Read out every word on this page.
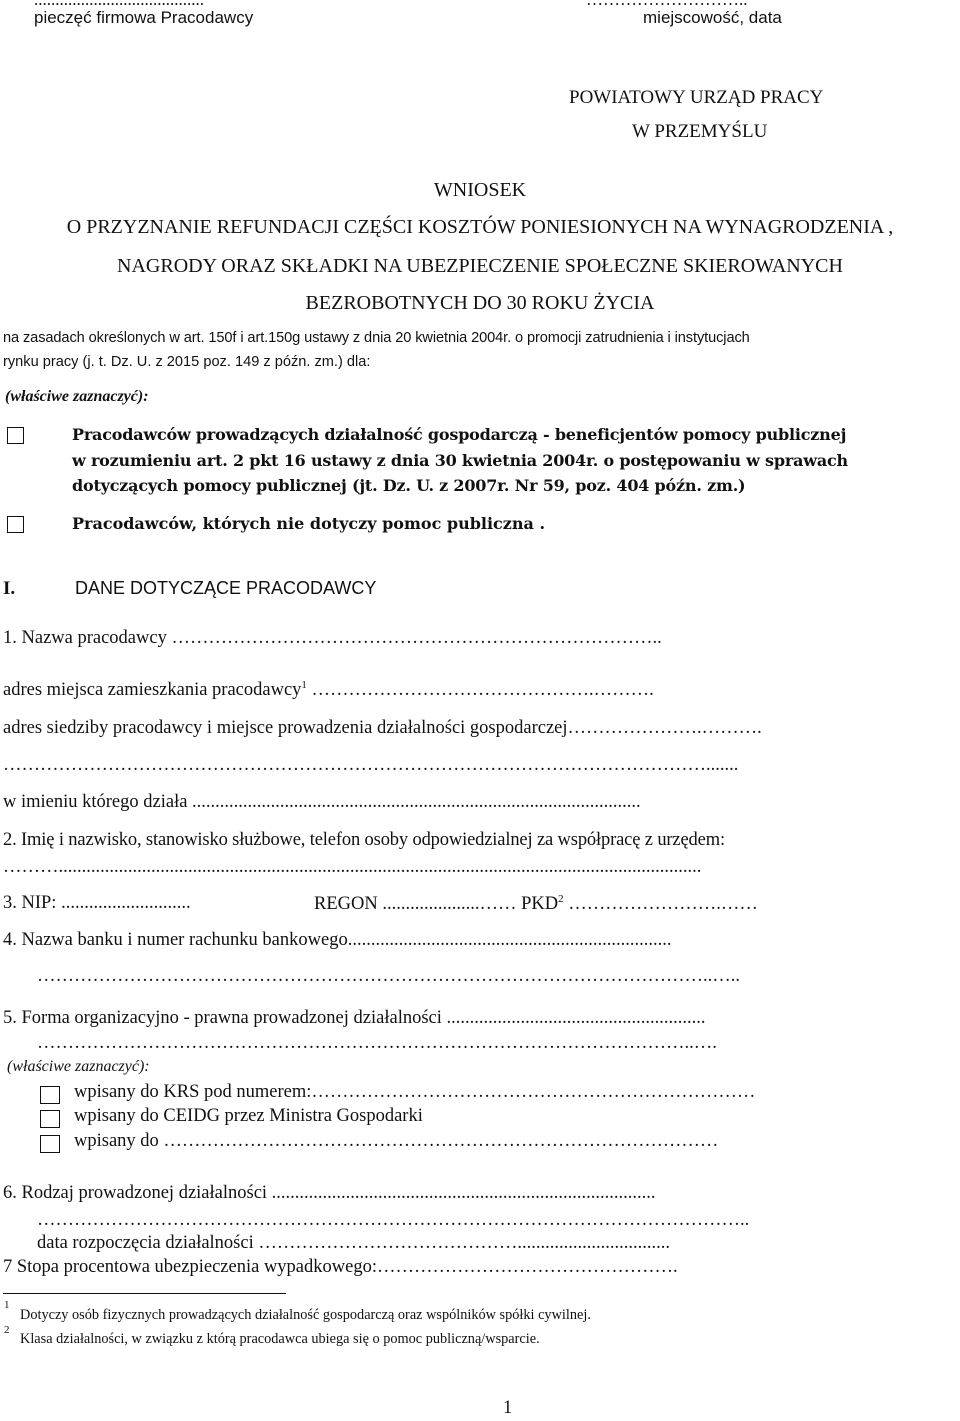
pieczęć firmowa Pracodawcy	miejscowość, data
POWIATOWY URZĄD PRACY
W PRZEMYŚLU
WNIOSEK
O PRZYZNANIE REFUNDACJI CZĘŚCI KOSZTÓW PONIESIONYCH NA WYNAGRODZENIA ,
NAGRODY ORAZ SKŁADKI NA UBEZPIECZENIE SPOŁECZNE SKIEROWANYCH
BEZROBOTNYCH DO 30 ROKU ŻYCIA
na zasadach określonych w art. 150f i art.150g ustawy z dnia 20 kwietnia 2004r. o promocji zatrudnienia i instytucjach
rynku pracy (j. t. Dz. U. z 2015 poz. 149 z późn. zm.) dla:
(właściwe zaznaczyć):
Pracodawców prowadzących działalność gospodarczą - beneficjentów pomocy publicznej
w rozumieniu art. 2 pkt 16 ustawy z dnia 30 kwietnia 2004r. o postępowaniu w sprawach
dotyczących pomocy publicznej (jt. Dz. U. z 2007r. Nr 59, poz. 404 późn. zm.)
Pracodawców, których nie dotyczy pomoc publiczna .
I.	DANE DOTYCZĄCE PRACODAWCY
1. Nazwa pracodawcy ……………………………………………………………………..
adres miejsca zamieszkania pracodawcy$^1$ ……………………………………….……….
adres siedziby pracodawcy i miejsce prowadzenia działalności gospodarczej………………….……….
…………………………………………………………………………………………………….......
w imieniu którego działa .................................................................................................
2. Imię i nazwisko, stanowisko służbowe, telefon osoby odpowiedzialnej za współpracę z urzędem:
………...........................................................................................................................................
3. NIP: ............................	REGON .....................…… PKD$^2$ …………………….……
4. Nazwa banku i numer rachunku bankowego......................................................................
………………………………………………………………………………………………..…..
5. Forma organizacyjno - prawna prowadzonej działalności ........................................................
……………………………………………………………………………………………..….
(właściwe zaznaczyć):
wpisany do KRS pod numerem:………………………………………………………………
wpisany do CEIDG przez Ministra Gospodarki
wpisany do ………………………………………………………………………………
6. Rodzaj prowadzonej działalności ...................................................................................
……………………………………………………………………………………………………..
data rozpoczęcia działalności …………………………………….................................
7 Stopa procentowa ubezpieczenia wypadkowego:………………………………………….
1
Dotyczy osób fizycznych prowadzących działalność gospodarczą oraz wspólników spółki cywilnej.
2
Klasa działalności, w związku z którą pracodawca ubiega się o pomoc publiczną/wsparcie.
1
